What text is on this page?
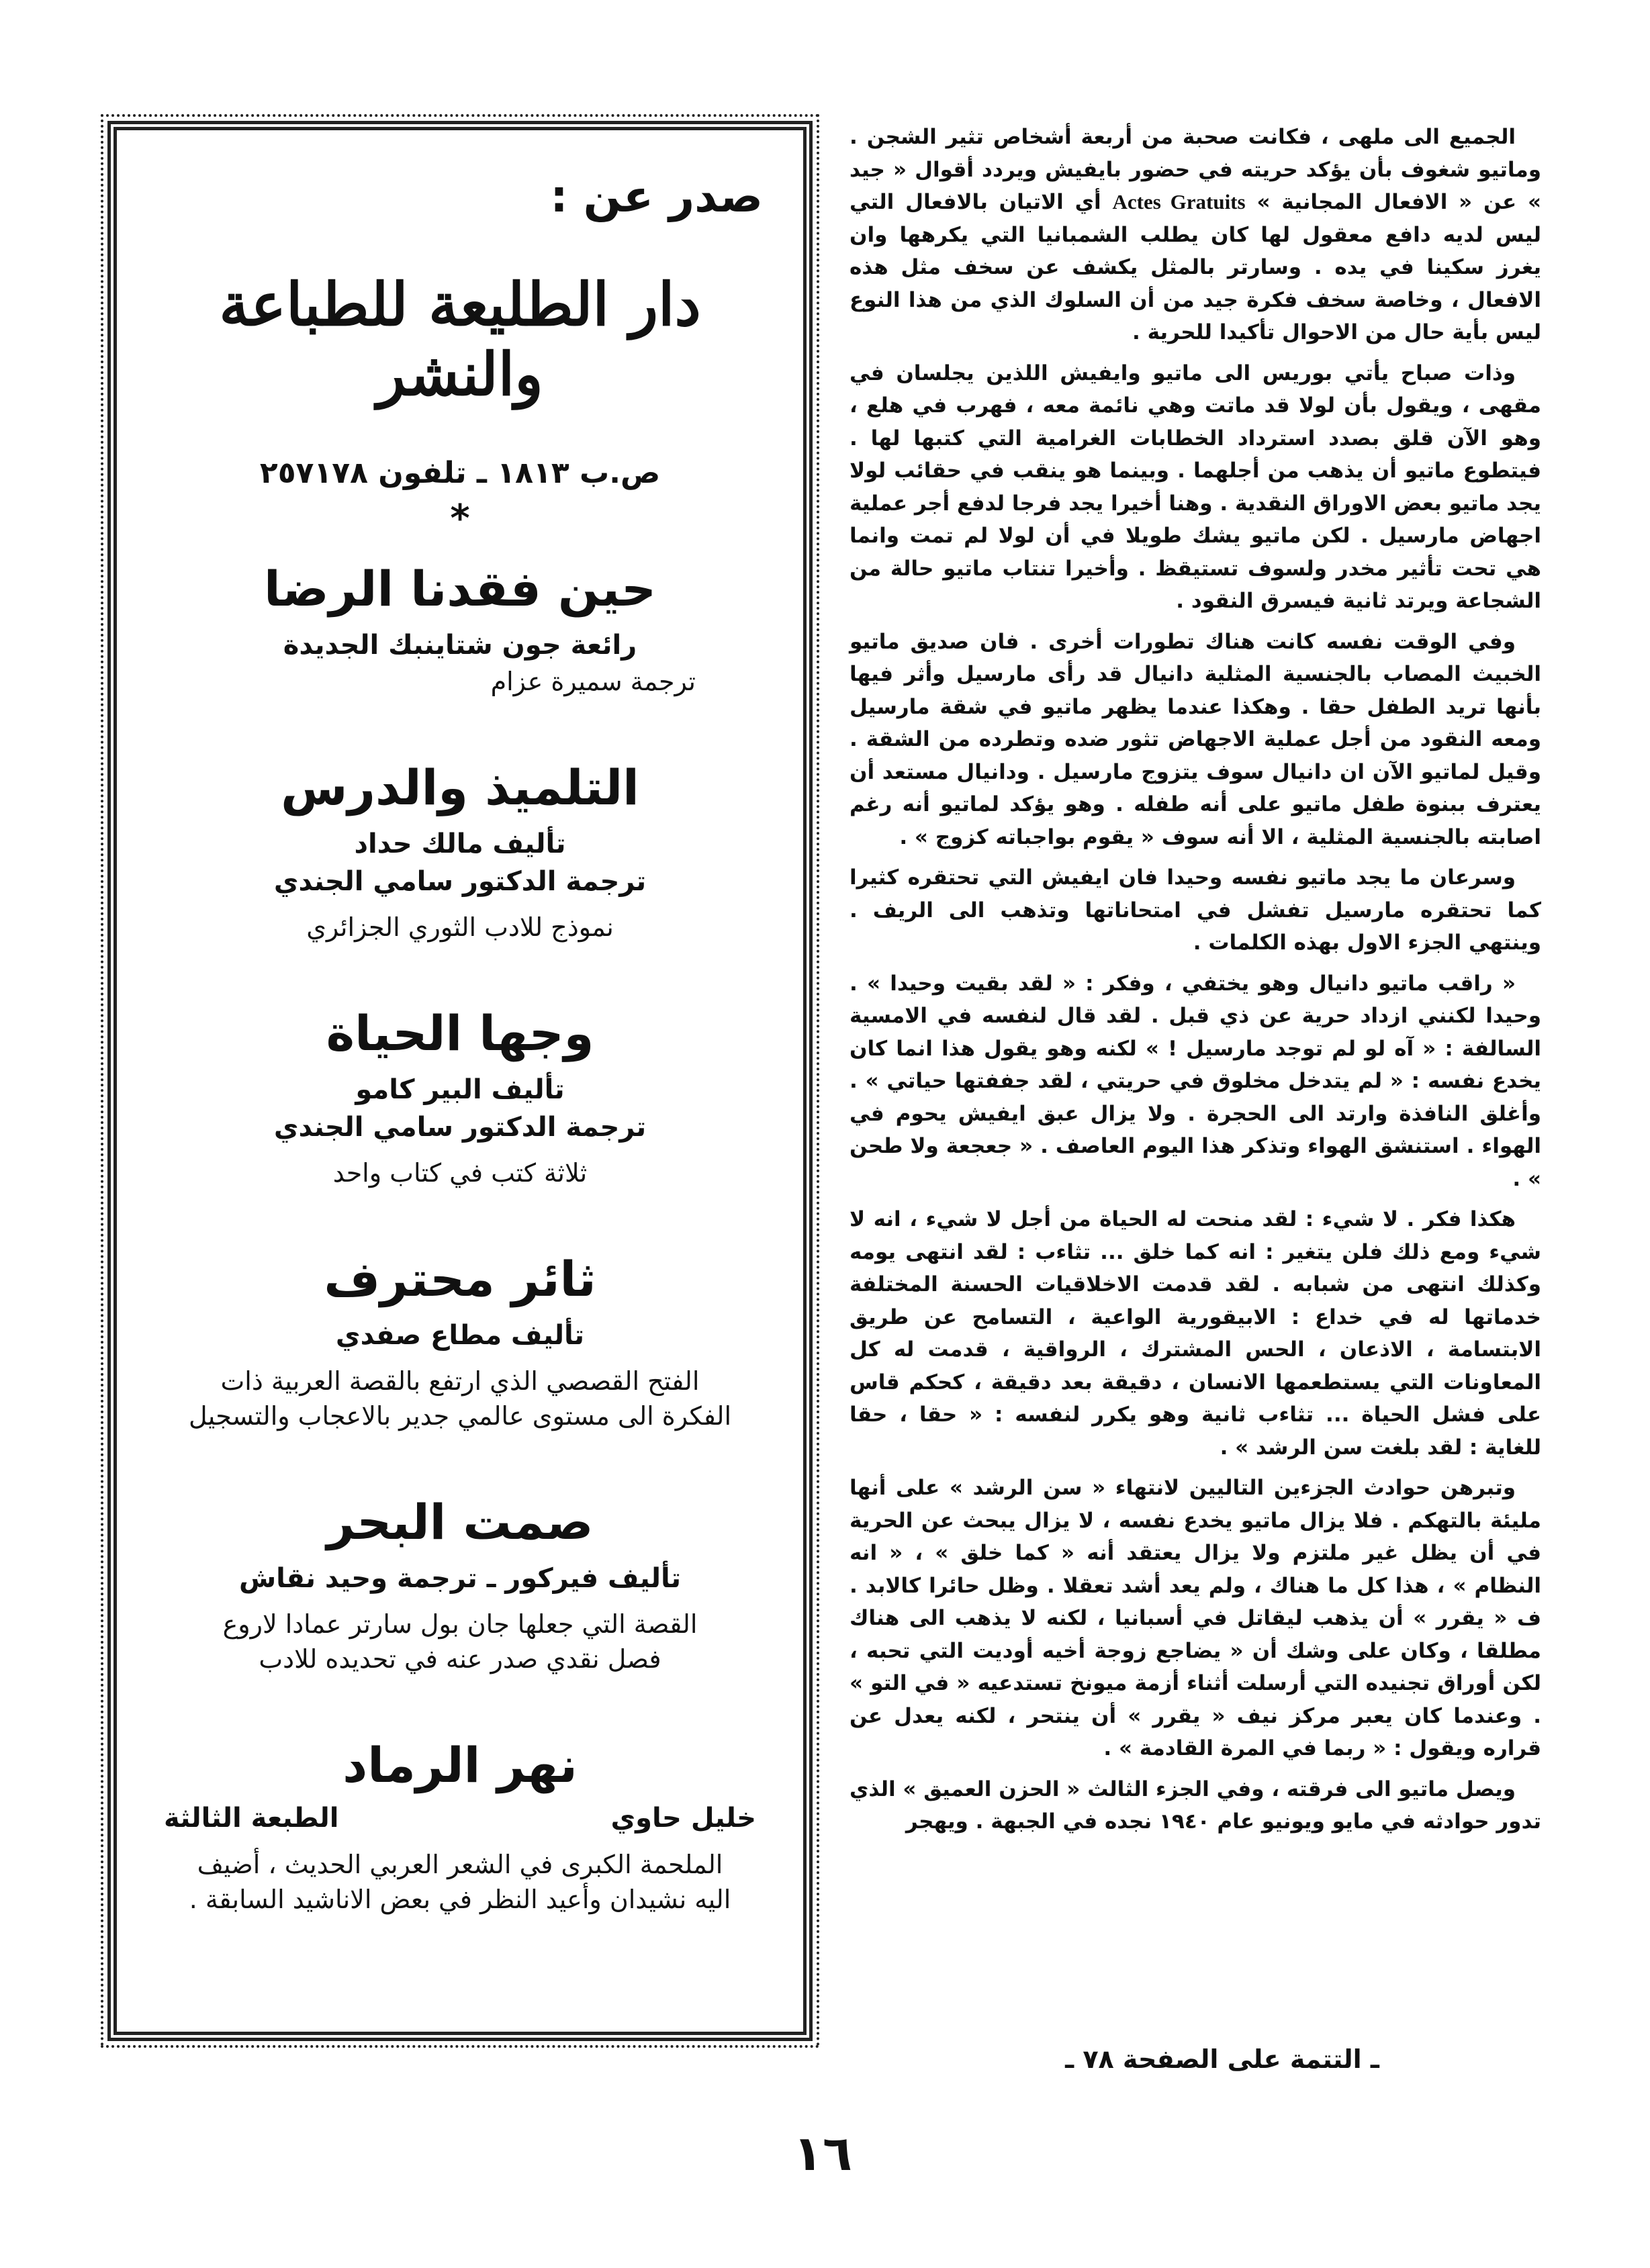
الجميع الى ملهى ، فكانت صحبة من أربعة أشخاص تثير الشجن . وماتيو شغوف بأن يؤكد حريته في حضور بايفيش ويردد أقوال « جيد » عن « الافعال المجانية » Actes Gratuits أي الاتيان بالافعال التي ليس لديه دافع معقول لها كان يطلب الشمبانيا التي يكرهها وان يغرز سكينا في يده . وسارتر بالمثل يكشف عن سخف مثل هذه الافعال ، وخاصة سخف فكرة جيد من أن السلوك الذي من هذا النوع ليس بأية حال من الاحوال تأكيدا للحرية .

وذات صباح يأتي بوريس الى ماتيو وايفيش اللذين يجلسان في مقهى ، ويقول بأن لولا قد ماتت وهي نائمة معه ، فهرب في هلع ، وهو الآن قلق بصدد استرداد الخطابات الغرامية التي كتبها لها . فيتطوع ماتيو أن يذهب من أجلهما . وبينما هو ينقب في حقائب لولا يجد ماتيو بعض الاوراق النقدية . وهنا أخيرا يجد فرجا لدفع أجر عملية اجهاض مارسيل . لكن ماتيو يشك طويلا في أن لولا لم تمت وانما هي تحت تأثير مخدر ولسوف تستيقظ . وأخيرا تنتاب ماتيو حالة من الشجاعة ويرتد ثانية فيسرق النقود .

وفي الوقت نفسه كانت هناك تطورات أخرى . فان صديق ماتيو الخبيث المصاب بالجنسية المثلية دانيال قد رأى مارسيل وأثر فيها بأنها تريد الطفل حقا . وهكذا عندما يظهر ماتيو في شقة مارسيل ومعه النقود من أجل عملية الاجهاض تثور ضده وتطرده من الشقة . وقيل لماتيو الآن ان دانيال سوف يتزوج مارسيل . ودانيال مستعد أن يعترف ببنوة طفل ماتيو على أنه طفله . وهو يؤكد لماتيو أنه رغم اصابته بالجنسية المثلية ، الا أنه سوف « يقوم بواجباته كزوج » .

وسرعان ما يجد ماتيو نفسه وحيدا فان ايفيش التي تحتقره كثيرا كما تحتقره مارسيل تفشل في امتحاناتها وتذهب الى الريف . وينتهي الجزء الاول بهذه الكلمات .

« راقب ماتيو دانيال وهو يختفي ، وفكر : « لقد بقيت وحيدا » . وحيدا لكنني ازداد حرية عن ذي قبل . لقد قال لنفسه في الامسية السالفة : « آه لو لم توجد مارسيل ! » لكنه وهو يقول هذا انما كان يخدع نفسه : « لم يتدخل مخلوق في حريتي ، لقد جففتها حياتي » . وأغلق النافذة وارتد الى الحجرة . ولا يزال عبق ايفيش يحوم في الهواء . استنشق الهواء وتذكر هذا اليوم العاصف . « جعجعة ولا طحن » .

هكذا فكر . لا شيء : لقد منحت له الحياة من أجل لا شيء ، انه لا شيء ومع ذلك فلن يتغير : انه كما خلق ... تثاءب : لقد انتهى يومه وكذلك انتهى من شبابه . لقد قدمت الاخلاقيات الحسنة المختلفة خدماتها له في خداع : الابيقورية الواعية ، التسامح عن طريق الابتسامة ، الاذعان ، الحس المشترك ، الرواقية ، قدمت له كل المعاونات التي يستطعمها الانسان ، دقيقة بعد دقيقة ، كحكم قاس على فشل الحياة ... تثاءب ثانية وهو يكرر لنفسه : « حقا ، حقا للغاية : لقد بلغت سن الرشد » .

وتبرهن حوادث الجزءين التاليين لانتهاء « سن الرشد » على أنها مليئة بالتهكم . فلا يزال ماتيو يخدع نفسه ، لا يزال يبحث عن الحرية في أن يظل غير ملتزم ولا يزال يعتقد أنه « كما خلق » ، « انه النظام » ، هذا كل ما هناك ، ولم يعد أشد تعقلا . وظل حائرا كالابد . ف « يقرر » أن يذهب ليقاتل في أسبانيا ، لكنه لا يذهب الى هناك مطلقا ، وكان على وشك أن « يضاجع زوجة أخيه أوديت التي تحبه ، لكن أوراق تجنيده التي أرسلت أثناء أزمة ميونخ تستدعيه « في التو » . وعندما كان يعبر مركز نيف « يقرر » أن ينتحر ، لكنه يعدل عن قراره ويقول : « ربما في المرة القادمة » .

ويصل ماتيو الى فرقته ، وفي الجزء الثالث « الحزن العميق » الذي تدور حوادثه في مايو ويونيو عام ١٩٤٠ نجده في الجبهة . ويهجر

ـ التتمة على الصفحة ٧٨ ـ
صدر عن :
دار الطليعة للطباعة والنشر
ص.ب ١٨١٣ ـ تلفون ٢٥٧١٧٨
*
حين فقدنا الرضا
رائعة جون شتاينبك الجديدة
ترجمة سميرة عزام
التلميذ والدرس
تأليف مالك حداد
ترجمة الدكتور سامي الجندي
نموذج للادب الثوري الجزائري
وجها الحياة
تأليف البير كامو
ترجمة الدكتور سامي الجندي
ثلاثة كتب في كتاب واحد
ثائر محترف
تأليف مطاع صفدي
الفتح القصصي الذي ارتفع بالقصة العربية ذات
الفكرة الى مستوى عالمي جدير بالاعجاب والتسجيل
صمت البحر
تأليف فيركور ـ ترجمة وحيد نقاش
القصة التي جعلها جان بول سارتر عمادا لاروع
فصل نقدي صدر عنه في تحديده للادب
نهر الرماد
خليل حاوي
الطبعة الثالثة
الملحمة الكبرى في الشعر العربي الحديث ، أضيف
اليه نشيدان وأعيد النظر في بعض الاناشيد السابقة .
١٦
